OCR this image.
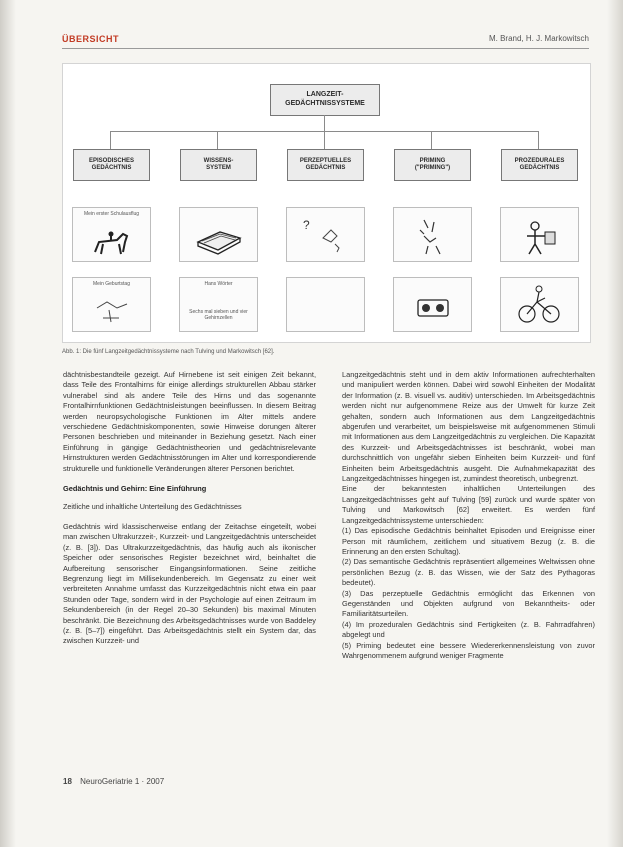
ÜBERSICHT	M. Brand, H. J. Markowitsch
LANGZEIT-
GEDÄCHTNISSYSTEME
EPISODISCHES
GEDÄCHTNIS
WISSENS-
SYSTEM
PERZEPTUELLES
GEDÄCHTNIS
PRIMING
("PRIMING")
PROZEDURALES
GEDÄCHTNIS
Mein erster Schulausflug
?
Mein Geburtstag	Hans Wörter
Sechs mal sieben und vier Gehirnzellen
Abb. 1: Die fünf Langzeitgedächtnissysteme nach Tulving und Markowitsch [62].

dächtnisbestandteile gezeigt. Auf Hirnebene ist seit einigen Zeit bekannt, dass Teile des Frontalhirns für einige allerdings strukturellen Abbau stärker vulnerabel sind als andere Teile des Hirns und das sogenannte Frontalhirnfunktionen Gedächtnisleistungen beeinflussen. In diesem Beitrag werden neuropsychologische Funktionen im Alter mittels andere verschiedene Gedächtniskomponenten, sowie Hinweise dorungen älterer Personen beschrieben und miteinander in Beziehung gesetzt. Nach einer Einführung in gängige Gedächtnistheorien und gedächtnisrelevante Hirnstrukturen werden Gedächtnisstörungen im Alter und korrespondierende strukturelle und funktionelle Veränderungen älterer Personen berichtet.

Gedächtnis und Gehirn: Eine Einführung
Zeitliche und inhaltliche Unterteilung des Gedächtnisses

Gedächtnis wird klassischerweise entlang der Zeitachse eingeteilt, wobei man zwischen Ultrakurzzeit-, Kurzzeit- und Langzeitgedächtnis unterscheidet (z. B. [3]). Das Ultrakurzzeitgedächtnis, das häufig auch als ikonischer Speicher oder sensorisches Register bezeichnet wird, beinhaltet die Aufbereitung sensorischer Eingangsinformationen. Seine zeitliche Begrenzung liegt im Millisekundenbereich. Im Gegensatz zu einer weit verbreiteten Annahme umfasst das Kurzzeitgedächtnis nicht etwa ein paar Stunden oder Tage, sondern wird in der Psychologie auf einen Zeitraum im Sekundenbereich (in der Regel 20–30 Sekunden) bis maximal Minuten beschränkt. Die Bezeichnung des Arbeitsgedächtnisses wurde von Baddeley (z. B. [5–7]) eingeführt. Das Arbeitsgedächtnis stellt ein System dar, das zwischen Kurzzeit- und

Langzeitgedächtnis steht und in dem aktiv Informationen aufrechterhalten und manipuliert werden können. Dabei wird sowohl Einheiten der Modalität der Information (z. B. visuell vs. auditiv) unterschieden. Im Arbeitsgedächtnis werden nicht nur aufgenommene Reize aus der Umwelt für kurze Zeit gehalten, sondern auch Informationen aus dem Langzeitgedächtnis abgerufen und verarbeitet, um beispielsweise mit aufgenommenen Stimuli mit Informationen aus dem Langzeitgedächtnis zu vergleichen. Die Kapazität des Kurzzeit- und Arbeitsgedächtnisses ist beschränkt, wobei man durchschnittlich von ungefähr sieben Einheiten beim Kurzzeit- und fünf Einheiten beim Arbeitsgedächtnis ausgeht. Die Aufnahmekapazität des Langzeitgedächtnisses hingegen ist, zumindest theoretisch, unbegrenzt.

Eine der bekanntesten inhaltlichen Unterteilungen des Langzeitgedächtnisses geht auf Tulving [59] zurück und wurde später von Tulving und Markowitsch [62] erweitert. Es werden fünf Langzeitgedächtnissysteme unterschieden:

(1) Das episodische Gedächtnis beinhaltet Episoden und Ereignisse einer Person mit räumlichem, zeitlichem und situativem Bezug (z. B. die Erinnerung an den ersten Schultag).

(2) Das semantische Gedächtnis repräsentiert allgemeines Weltwissen ohne persönlichen Bezug (z. B. das Wissen, wie der Satz des Pythagoras bedeutet).

(3) Das perzeptuelle Gedächtnis ermöglicht das Erkennen von Gegenständen und Objekten aufgrund von Bekanntheits- oder Familiaritätsurteilen.

(4) Im prozeduralen Gedächtnis sind Fertigkeiten (z. B. Fahrradfahren) abgelegt und

(5) Priming bedeutet eine bessere Wiedererkennensleistung von zuvor Wahrgenommenem aufgrund weniger Fragmente

18 NeuroGeriatrie 1 · 2007
